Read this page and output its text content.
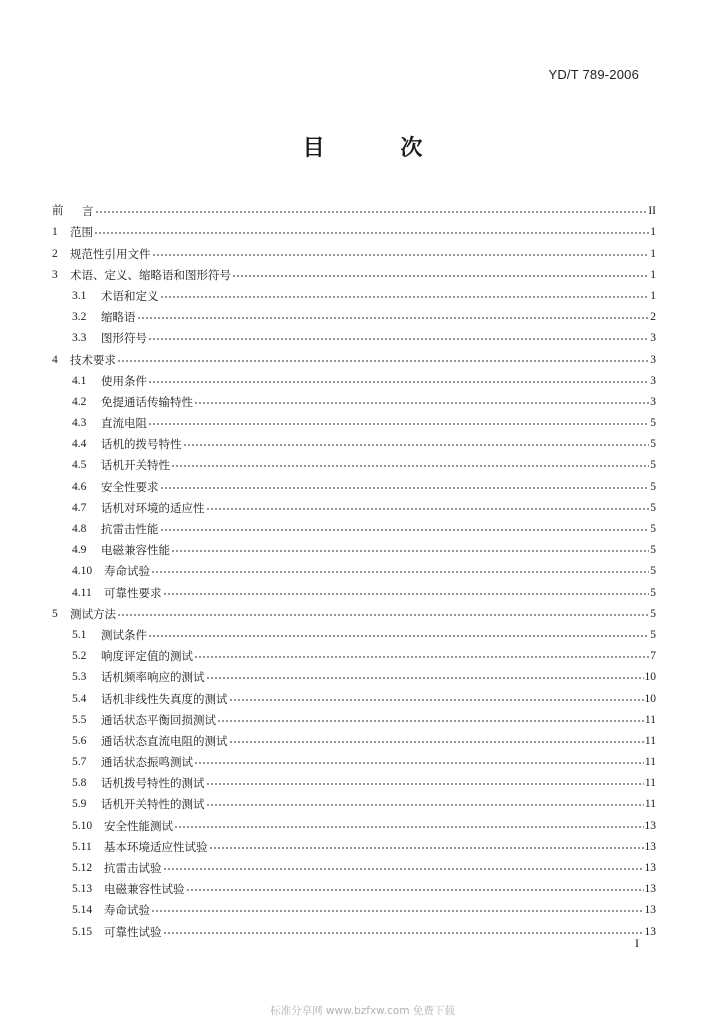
YD/T 789-2006
目 次
前	言	II
1	范围	1
2	规范性引用文件	1
3	术语、定义、缩略语和图形符号	1
3.1	术语和定义	1
3.2	缩略语	2
3.3	图形符号	3
4	技术要求	3
4.1	使用条件	3
4.2	免提通话传输特性	3
4.3	直流电阻	5
4.4	话机的拨号特性	5
4.5	话机开关特性	5
4.6	安全性要求	5
4.7	话机对环境的适应性	5
4.8	抗雷击性能	5
4.9	电磁兼容性能	5
4.10	寿命试验	5
4.11	可靠性要求	5
5	测试方法	5
5.1	测试条件	5
5.2	响度评定值的测试	7
5.3	话机频率响应的测试	10
5.4	话机非线性失真度的测试	10
5.5	通话状态平衡回损测试	11
5.6	通话状态直流电阻的测试	11
5.7	通话状态振鸣测试	11
5.8	话机拨号特性的测试	11
5.9	话机开关特性的测试	11
5.10	安全性能测试	13
5.11	基本环境适应性试验	13
5.12	抗雷击试验	13
5.13	电磁兼容性试验	13
5.14	寿命试验	13
5.15	可靠性试验	13
I
标准分享网 www.bzfxw.com 免费下载
